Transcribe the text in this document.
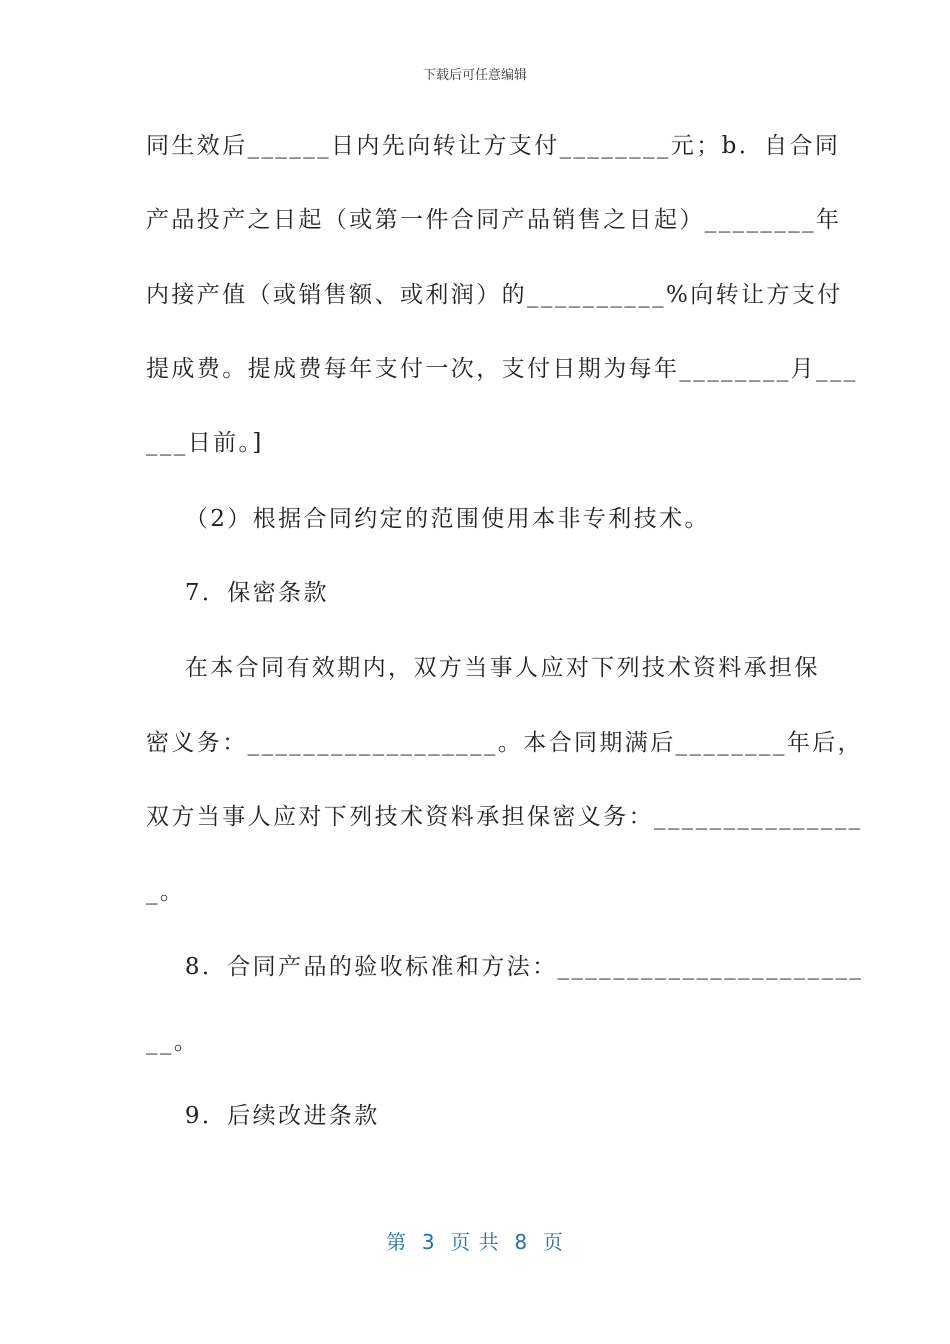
下载后可任意编辑
同生效后______日内先向转让方支付________元；b．自合同
产品投产之日起（或第一件合同产品销售之日起）________年
内接产值（或销售额、或利润）的__________%向转让方支付
提成费。提成费每年支付一次，支付日期为每年________月___
___日前。]
（2）根据合同约定的范围使用本非专利技术。
7．保密条款
在本合同有效期内，双方当事人应对下列技术资料承担保
密义务：__________________。本合同期满后________年后，
双方当事人应对下列技术资料承担保密义务：_______________
_。
8．合同产品的验收标准和方法：______________________
__。
9．后续改进条款
第  3  页 共  8  页
